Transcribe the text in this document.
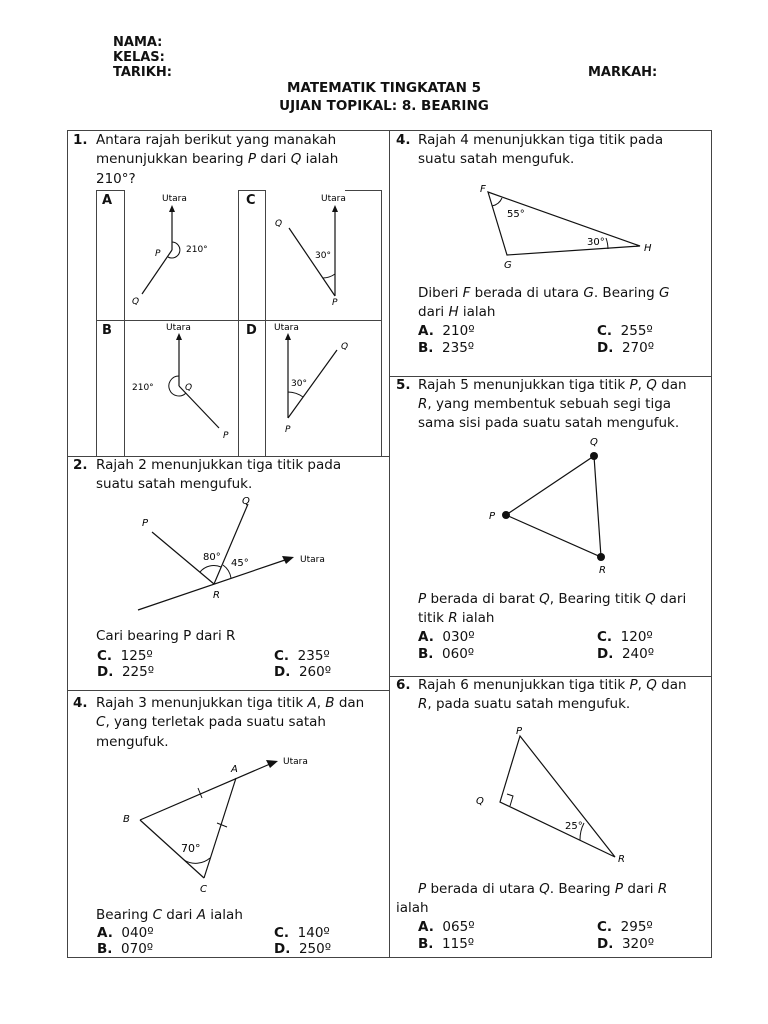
NAMA:
KELAS:
TARIKH:	MARKAH:
MATEMATIK TINGKATAN 5
UJIAN TOPIKAL: 8. BEARING
1. Antara rajah berikut yang manakah
menunjukkan bearing P dari Q ialah
210°?
A
B
C
D
Utara
210°
P
Q
Utara
30°
Q
P
Utara
210°	Q
P
Utara
30°
Q
P
2. Rajah 2 menunjukkan tiga titik pada
suatu satah mengufuk.
80°
45°	Utara
P
Q
R
Cari bearing P dari R
C. 125º	C. 235º
D. 225º	D. 260º
4. Rajah 3 menunjukkan tiga titik A, B dan
C, yang terletak pada suatu satah
mengufuk.
70°
Utara
A
B
C
Bearing C dari A ialah
A. 040º	C. 140º
B. 070º	D. 250º
4. Rajah 4 menunjukkan tiga titik pada
suatu satah mengufuk.
55°
30°
F
G
H
Diberi F berada di utara G. Bearing G
dari H ialah
A. 210º	C. 255º
B. 235º	D. 270º
5. Rajah 5 menunjukkan tiga titik P, Q dan
R, yang membentuk sebuah segi tiga
sama sisi pada suatu satah mengufuk.
P
Q
R
P berada di barat Q, Bearing titik Q dari
titik R ialah
A. 030º	C. 120º
B. 060º	D. 240º
6. Rajah 6 menunjukkan tiga titik P, Q dan
R, pada suatu satah mengufuk.
25°
P
Q
R
P berada di utara Q. Bearing P dari R
ialah
A. 065º	C. 295º
B. 115º	D. 320º
